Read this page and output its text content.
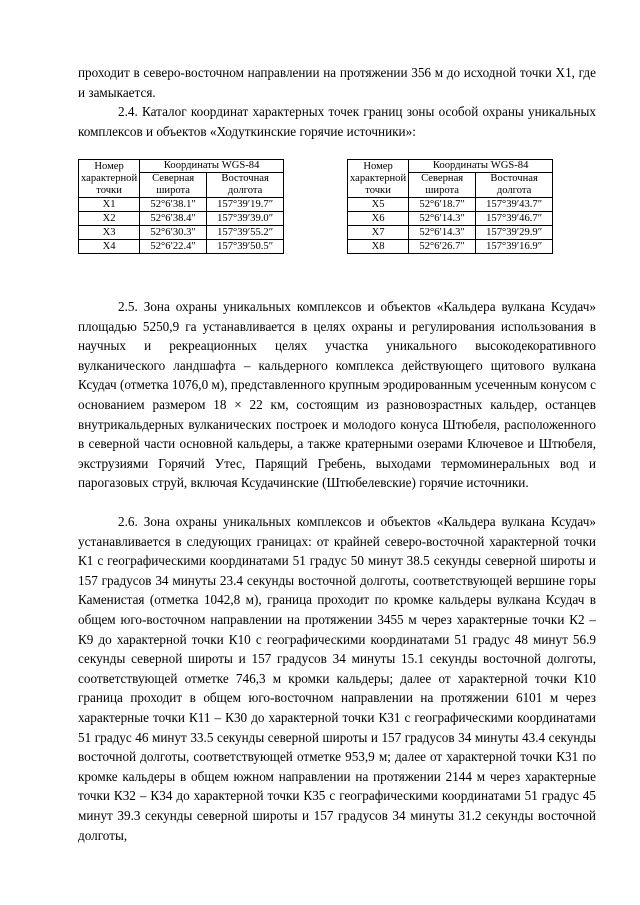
проходит в северо-восточном направлении на протяжении 356 м до исходной точки Х1, где и замыкается.

2.4. Каталог координат характерных точек границ зоны особой охраны уникальных комплексов и объектов «Ходуткинские горячие источники»:

Номер характерной точки	Координаты WGS-84	
	Северная широта	Восточная долгота
Х1	52°6′38.1″	157°39′19.7″
Х2	52°6′38.4″	157°39′39.0″
Х3	52°6′30.3″	157°39′55.2″
Х4	52°6′22.4″	157°39′50.5″
Номер характерной точки	Координаты WGS-84	
	Северная широта	Восточная долгота
Х5	52°6′18.7″	157°39′43.7″
Х6	52°6′14.3″	157°39′46.7″
Х7	52°6′14.3″	157°39′29.9″
Х8	52°6′26.7″	157°39′16.9″

2.5. Зона охраны уникальных комплексов и объектов «Кальдера вулкана Ксудач» площадью 5250,9 га устанавливается в целях охраны и регулирования использования в научных и рекреационных целях участка уникального высокодекоративного вулканического ландшафта – кальдерного комплекса действующего щитового вулкана Ксудач (отметка 1076,0 м), представленного крупным эродированным усеченным конусом с основанием размером 18 × 22 км, состоящим из разновозрастных кальдер, останцев внутрикальдерных вулканических построек и молодого конуса Штюбеля, расположенного в северной части основной кальдеры, а также кратерными озерами Ключевое и Штюбеля, экструзиями Горячий Утес, Парящий Гребень, выходами термоминеральных вод и парогазовых струй, включая Ксудачинские (Штюбелевские) горячие источники.

2.6. Зона охраны уникальных комплексов и объектов «Кальдера вулкана Ксудач» устанавливается в следующих границах: от крайней северо-восточной характерной точки К1 с географическими координатами 51 градус 50 минут 38.5 секунды северной широты и 157 градусов 34 минуты 23.4 секунды восточной долготы, соответствующей вершине горы Каменистая (отметка 1042,8 м), граница проходит по кромке кальдеры вулкана Ксудач в общем юго-восточном направлении на протяжении 3455 м через характерные точки К2 – К9 до характерной точки К10 с географическими координатами 51 градус 48 минут 56.9 секунды северной широты и 157 градусов 34 минуты 15.1 секунды восточной долготы, соответствующей отметке 746,3 м кромки кальдеры; далее от характерной точки К10 граница проходит в общем юго-восточном направлении на протяжении 6101 м через характерные точки К11 – К30 до характерной точки К31 с географическими координатами 51 градус 46 минут 33.5 секунды северной широты и 157 градусов 34 минуты 43.4 секунды восточной долготы, соответствующей отметке 953,9 м; далее от характерной точки К31 по кромке кальдеры в общем южном направлении на протяжении 2144 м через характерные точки К32 – К34 до характерной точки К35 с географическими координатами 51 градус 45 минут 39.3 секунды северной широты и 157 градусов 34 минуты 31.2 секунды восточной долготы,
